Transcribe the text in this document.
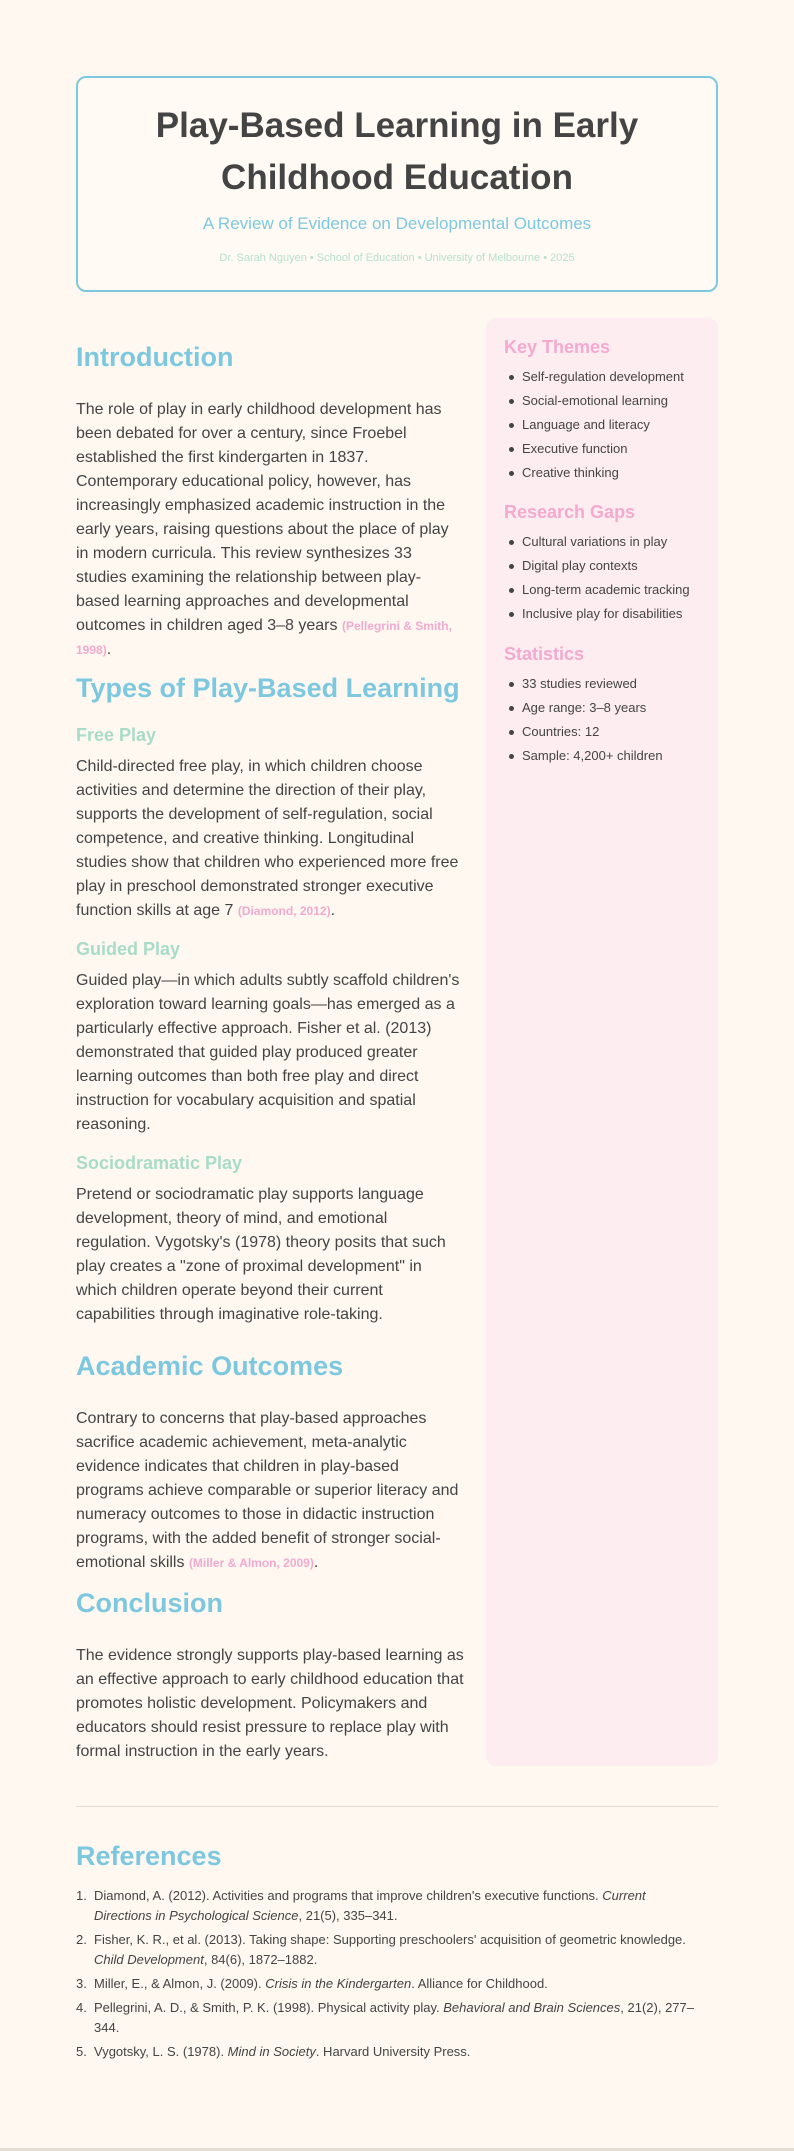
Play-Based Learning in Early
Childhood Education
A Review of Evidence on Developmental Outcomes
Dr. Sarah Nguyen • School of Education • University of Melbourne • 2025
Introduction
The role of play in early childhood development has
been debated for over a century, since Froebel
established the first kindergarten in 1837.
Contemporary educational policy, however, has
increasingly emphasized academic instruction in the
early years, raising questions about the place of play
in modern curricula. This review synthesizes 33
studies examining the relationship between play-
based learning approaches and developmental
outcomes in children aged 3–8 years (Pellegrini & Smith,
1998).
Types of Play-Based Learning
Free Play
Child-directed free play, in which children choose
activities and determine the direction of their play,
supports the development of self-regulation, social
competence, and creative thinking. Longitudinal
studies show that children who experienced more free
play in preschool demonstrated stronger executive
function skills at age 7 (Diamond, 2012).
Guided Play
Guided play—in which adults subtly scaffold children's
exploration toward learning goals—has emerged as a
particularly effective approach. Fisher et al. (2013)
demonstrated that guided play produced greater
learning outcomes than both free play and direct
instruction for vocabulary acquisition and spatial
reasoning.
Sociodramatic Play
Pretend or sociodramatic play supports language
development, theory of mind, and emotional
regulation. Vygotsky's (1978) theory posits that such
play creates a "zone of proximal development" in
which children operate beyond their current
capabilities through imaginative role-taking.
Academic Outcomes
Contrary to concerns that play-based approaches
sacrifice academic achievement, meta-analytic
evidence indicates that children in play-based
programs achieve comparable or superior literacy and
numeracy outcomes to those in didactic instruction
programs, with the added benefit of stronger social-
emotional skills (Miller & Almon, 2009).
Conclusion
The evidence strongly supports play-based learning as
an effective approach to early childhood education that
promotes holistic development. Policymakers and
educators should resist pressure to replace play with
formal instruction in the early years.
Key Themes
Self-regulation development
Social-emotional learning
Language and literacy
Executive function
Creative thinking
Research Gaps
Cultural variations in play
Digital play contexts
Long-term academic tracking
Inclusive play for disabilities
Statistics
33 studies reviewed
Age range: 3–8 years
Countries: 12
Sample: 4,200+ children
References
1. Diamond, A. (2012). Activities and programs that improve children's executive functions. Current
Directions in Psychological Science, 21(5), 335–341.
2. Fisher, K. R., et al. (2013). Taking shape: Supporting preschoolers' acquisition of geometric knowledge.
Child Development, 84(6), 1872–1882.
3. Miller, E., & Almon, J. (2009). Crisis in the Kindergarten. Alliance for Childhood.
4. Pellegrini, A. D., & Smith, P. K. (1998). Physical activity play. Behavioral and Brain Sciences, 21(2), 277–
344.
5. Vygotsky, L. S. (1978). Mind in Society. Harvard University Press.
